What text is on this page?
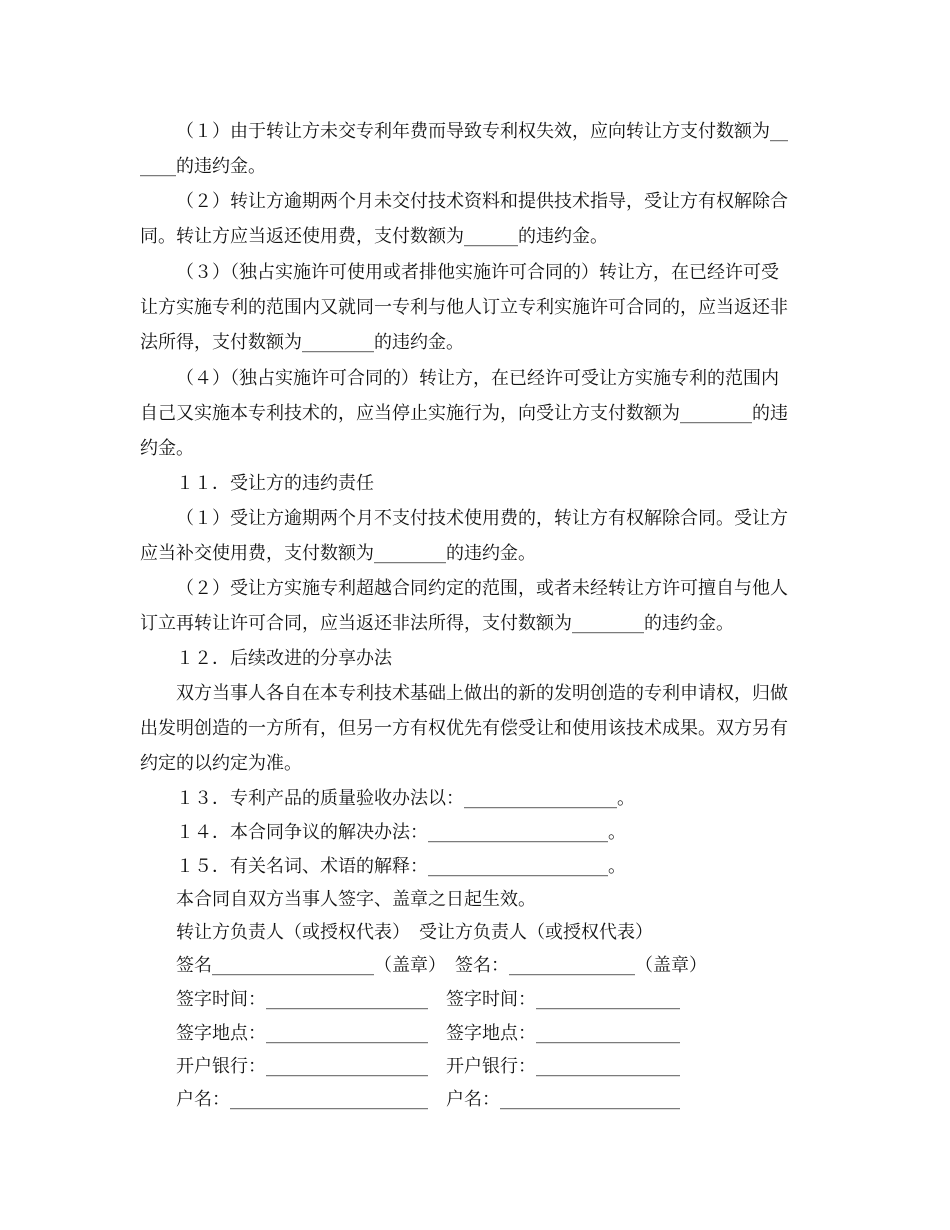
（１）由于转让方未交专利年费而导致专利权失效，应向转让方支付数额为__
____的违约金。
（２）转让方逾期两个月未交付技术资料和提供技术指导，受让方有权解除合
同。转让方应当返还使用费，支付数额为______的违约金。
（３）（独占实施许可使用或者排他实施许可合同的）转让方，在已经许可受
让方实施专利的范围内又就同一专利与他人订立专利实施许可合同的，应当返还非
法所得，支付数额为________的违约金。
（４）（独占实施许可合同的）转让方，在已经许可受让方实施专利的范围内
自己又实施本专利技术的，应当停止实施行为，向受让方支付数额为________的违
约金。
１１．受让方的违约责任
（１）受让方逾期两个月不支付技术使用费的，转让方有权解除合同。受让方
应当补交使用费，支付数额为________的违约金。
（２）受让方实施专利超越合同约定的范围，或者未经转让方许可擅自与他人
订立再转让许可合同，应当返还非法所得，支付数额为________的违约金。
１２．后续改进的分享办法
双方当事人各自在本专利技术基础上做出的新的发明创造的专利申请权，归做
出发明创造的一方所有，但另一方有权优先有偿受让和使用该技术成果。双方另有
约定的以约定为准。
１３．专利产品的质量验收办法以：_________________。
１４．本合同争议的解决办法：____________________。
１５．有关名词、术语的解释：____________________。
本合同自双方当事人签字、盖章之日起生效。
转让方负责人（或授权代表）　受让方负责人（或授权代表）
签名__________________（盖章）　签名：______________（盖章）
签字时间：__________________　签字时间：________________
签字地点：__________________　签字地点：________________
开户银行：__________________　开户银行：________________
户名：______________________　户名：____________________
